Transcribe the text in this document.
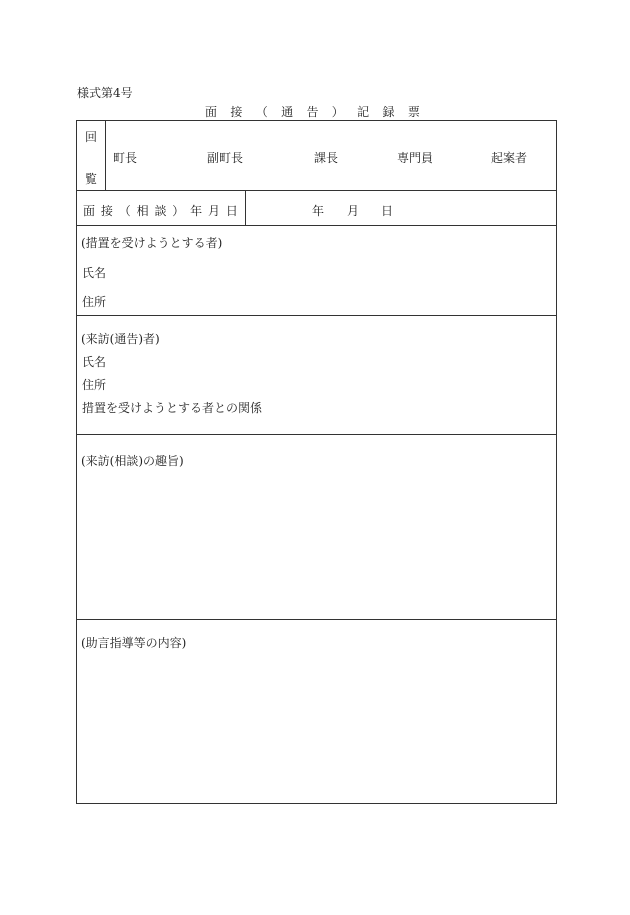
様式第4号
面 接 （ 通 告 ） 記 録 票
回
覧
町長	副町長	課長	専門員	起案者
面 接 （ 相 談 ） 年 月 日	年 月 日
(措置を受けようとする者)
氏名
住所
(来訪(通告)者)
氏名
住所
措置を受けようとする者との関係
(来訪(相談)の趣旨)
(助言指導等の内容)
